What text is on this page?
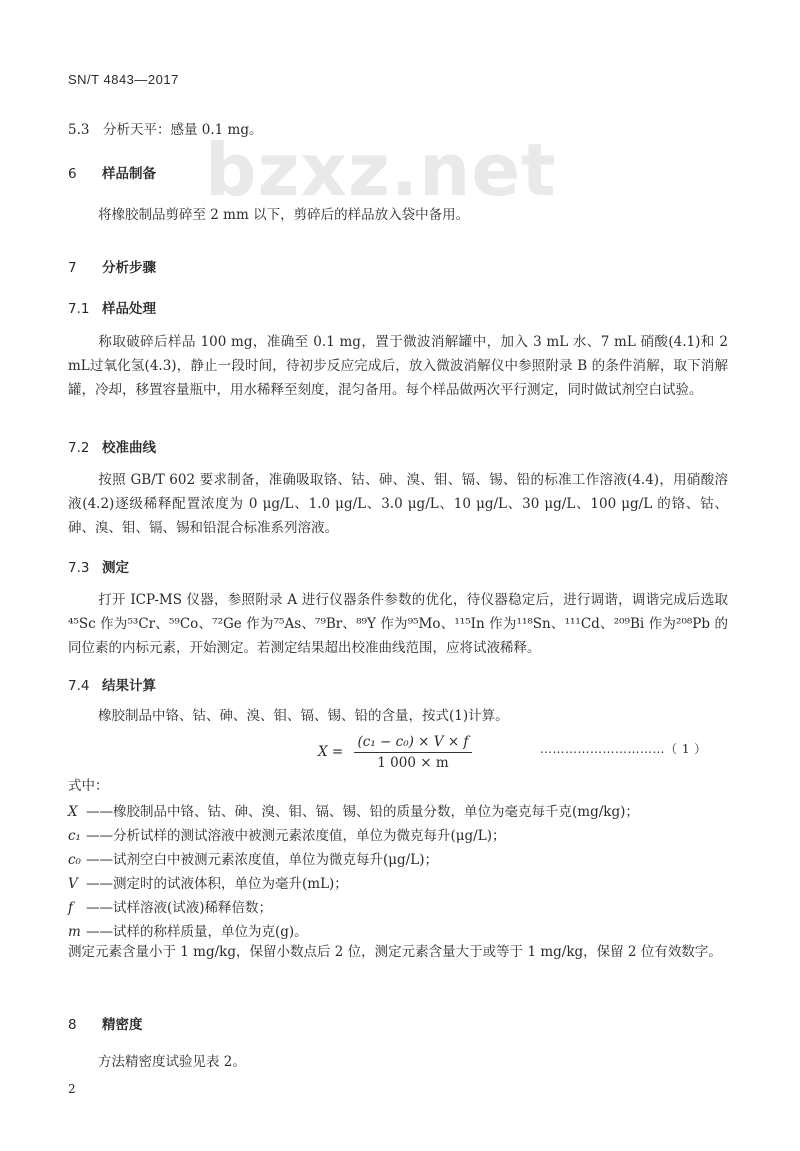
SN/T 4843—2017
bzxz.net
5.3　分析天平：感量 0.1 mg。
6 样品制备
将橡胶制品剪碎至 2 mm 以下，剪碎后的样品放入袋中备用。
7 分析步骤
7.1 样品处理
称取破碎后样品 100 mg，准确至 0.1 mg，置于微波消解罐中，加入 3 mL 水、7 mL 硝酸(4.1)和 2 mL过氧化氢(4.3)，静止一段时间，待初步反应完成后，放入微波消解仪中参照附录 B 的条件消解，取下消解罐，冷却，移置容量瓶中，用水稀释至刻度，混匀备用。每个样品做两次平行测定，同时做试剂空白试验。
7.2 校准曲线
按照 GB/T 602 要求制备，准确吸取铬、钴、砷、溴、钼、镉、锡、铅的标准工作溶液(4.4)，用硝酸溶液(4.2)逐级稀释配置浓度为 0 μg/L、1.0 μg/L、3.0 μg/L、10 μg/L、30 μg/L、100 μg/L 的铬、钴、砷、溴、钼、镉、锡和铅混合标准系列溶液。
7.3 测定
打开 ICP-MS 仪器，参照附录 A 进行仪器条件参数的优化，待仪器稳定后，进行调谐，调谐完成后选取⁴⁵Sc 作为⁵³Cr、⁵⁹Co、⁷²Ge 作为⁷⁵As、⁷⁹Br、⁸⁹Y 作为⁹⁵Mo、¹¹⁵In 作为¹¹⁸Sn、¹¹¹Cd、²⁰⁹Bi 作为²⁰⁸Pb 的同位素的内标元素，开始测定。若测定结果超出校准曲线范围，应将试液稀释。
7.4 结果计算
橡胶制品中铬、钴、砷、溴、钼、镉、锡、铅的含量，按式(1)计算。
$X = \frac{\text{(c₁ − c₀) × V × f}}{1 000 \times m}$	…………………………（ 1 ）
式中：
X ——橡胶制品中铬、钴、砷、溴、钼、镉、锡、铅的质量分数，单位为毫克每千克(mg/kg)；
c₁ ——分析试样的测试溶液中被测元素浓度值，单位为微克每升(μg/L)；
c₀ ——试剂空白中被测元素浓度值，单位为微克每升(μg/L)；
V ——测定时的试液体积，单位为毫升(mL)；
f ——试样溶液(试液)稀释倍数；
m ——试样的称样质量，单位为克(g)。
测定元素含量小于 1 mg/kg，保留小数点后 2 位，测定元素含量大于或等于 1 mg/kg，保留 2 位有效数字。
8 精密度
方法精密度试验见表 2。
2
